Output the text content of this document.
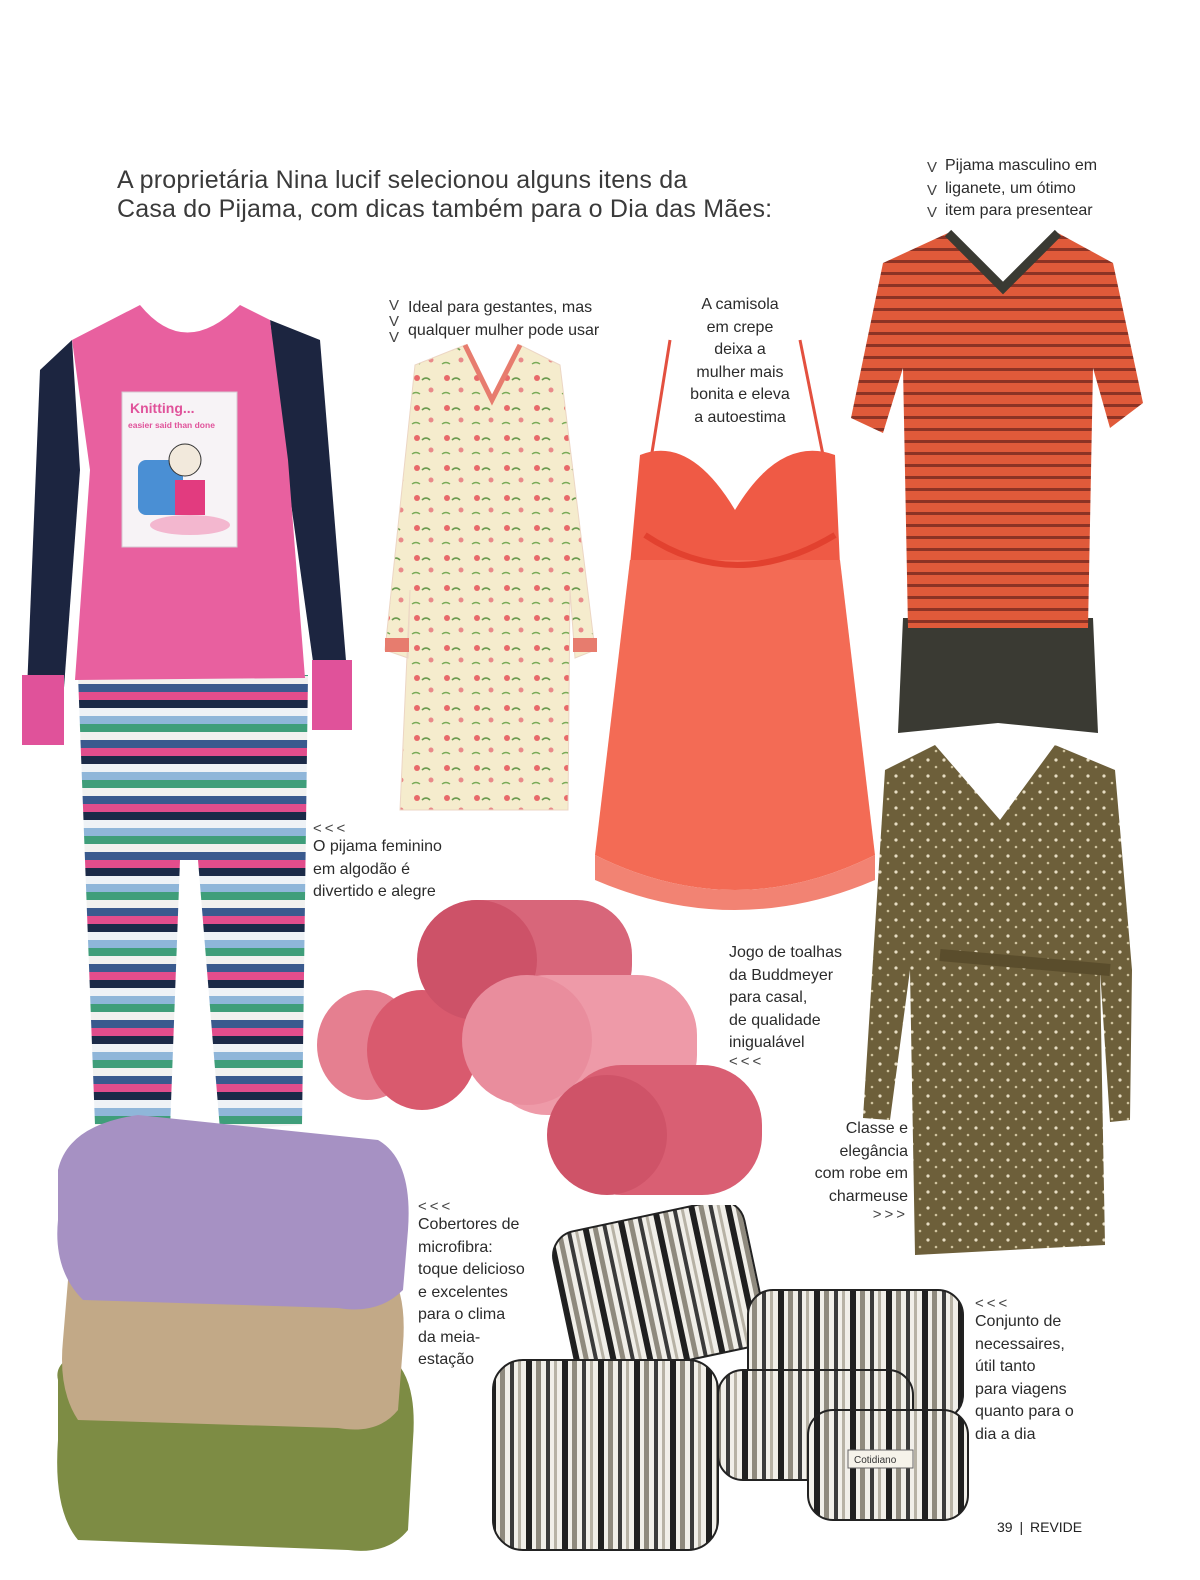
A proprietária Nina lucif selecionou alguns itens da
Casa do Pijama, com dicas também para o Dia das Mães:
Knitting...
easier said than done
Cotidiano
V
V
V
Pijama masculino em
liganete, um ótimo
item para presentear
V
V
V
Ideal para gestantes, mas
qualquer mulher pode usar
A camisola
em crepe
deixa a
mulher mais
bonita e eleva
a autoestima
<<<
O pijama feminino
em algodão é
divertido e alegre
Jogo de toalhas
da Buddmeyer
para casal,
de qualidade
inigualável
<<<
Classe e
elegância
com robe em
charmeuse
>>>
<<<
Cobertores de
microfibra:
toque delicioso
e excelentes
para o clima
da meia-
estação
<<<
Conjunto de
necessaires,
útil tanto
para viagens
quanto para o
dia a dia
39 | REVIDE
